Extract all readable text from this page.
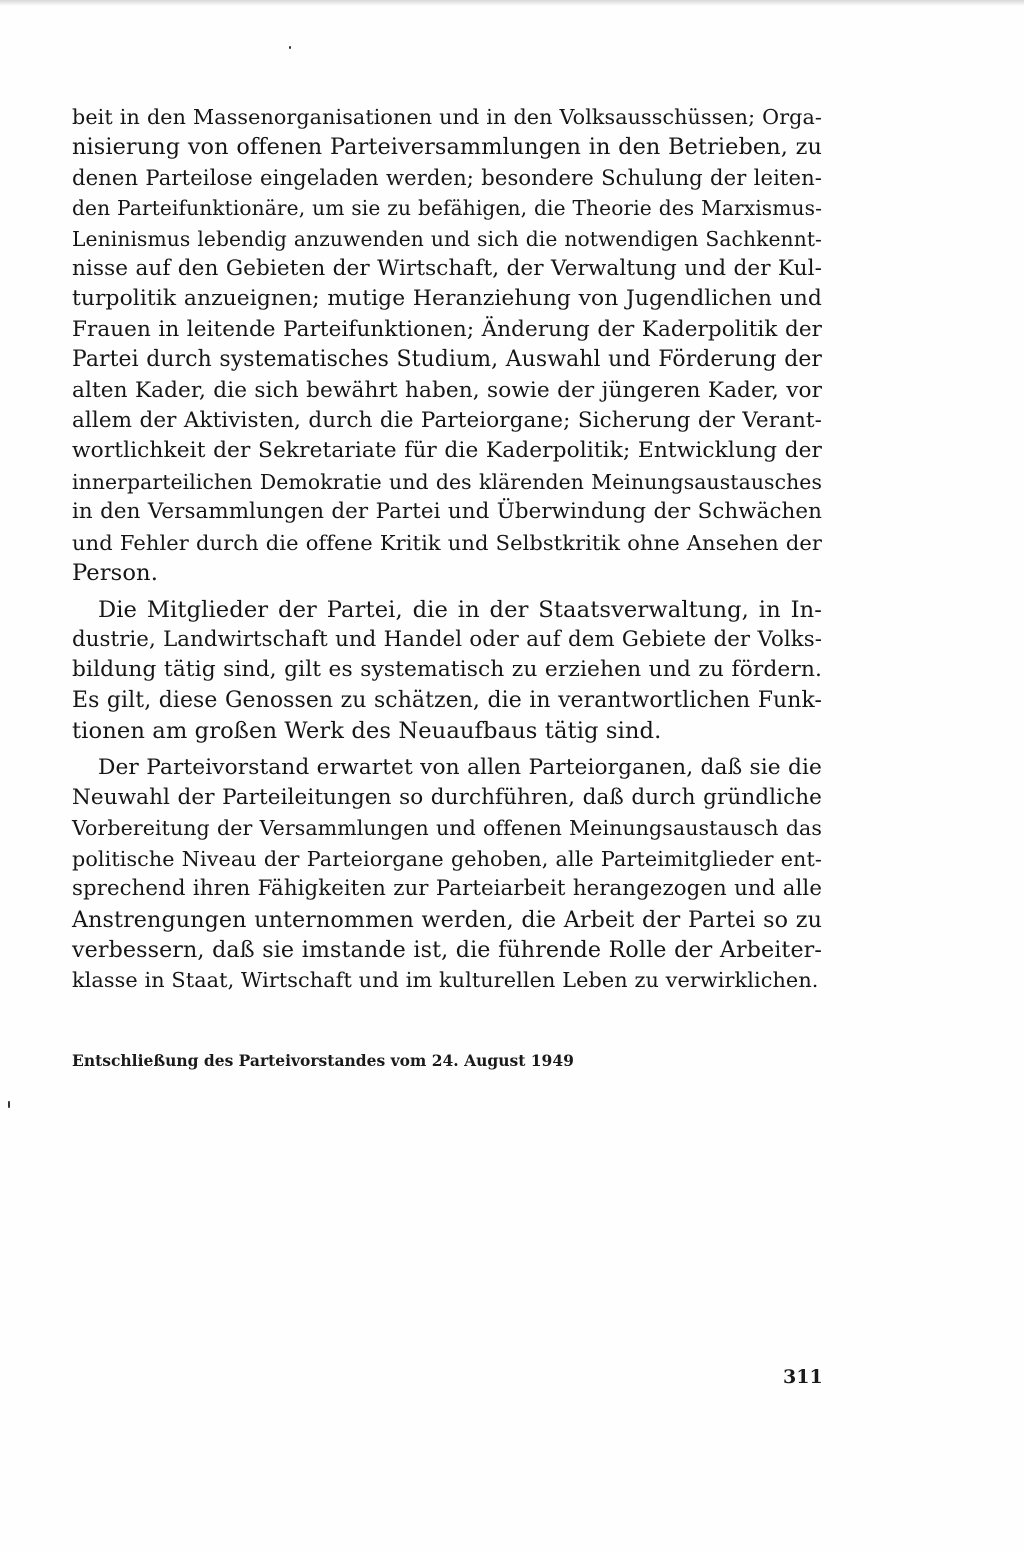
beit in den Massenorganisationen und in den Volksausschüssen; Orga-
nisierung von offenen Parteiversammlungen in den Betrieben, zu
denen Parteilose eingeladen werden; besondere Schulung der leiten-
den Parteifunktionäre, um sie zu befähigen, die Theorie des Marxismus-
Leninismus lebendig anzuwenden und sich die notwendigen Sachkennt-
nisse auf den Gebieten der Wirtschaft, der Verwaltung und der Kul-
turpolitik anzueignen; mutige Heranziehung von Jugendlichen und
Frauen in leitende Parteifunktionen; Änderung der Kaderpolitik der
Partei durch systematisches Studium, Auswahl und Förderung der
alten Kader, die sich bewährt haben, sowie der jüngeren Kader, vor
allem der Aktivisten, durch die Parteiorgane; Sicherung der Verant-
wortlichkeit der Sekretariate für die Kaderpolitik; Entwicklung der
innerparteilichen Demokratie und des klärenden Meinungsaustausches
in den Versammlungen der Partei und Überwindung der Schwächen
und Fehler durch die offene Kritik und Selbstkritik ohne Ansehen der
Person.
Die Mitglieder der Partei, die in der Staatsverwaltung, in In-
dustrie, Landwirtschaft und Handel oder auf dem Gebiete der Volks-
bildung tätig sind, gilt es systematisch zu erziehen und zu fördern.
Es gilt, diese Genossen zu schätzen, die in verantwortlichen Funk-
tionen am großen Werk des Neuaufbaus tätig sind.
Der Parteivorstand erwartet von allen Parteiorganen, daß sie die
Neuwahl der Parteileitungen so durchführen, daß durch gründliche
Vorbereitung der Versammlungen und offenen Meinungsaustausch das
politische Niveau der Parteiorgane gehoben, alle Parteimitglieder ent-
sprechend ihren Fähigkeiten zur Parteiarbeit herangezogen und alle
Anstrengungen unternommen werden, die Arbeit der Partei so zu
verbessern, daß sie imstande ist, die führende Rolle der Arbeiter-
klasse in Staat, Wirtschaft und im kulturellen Leben zu verwirklichen.
Entschließung des Parteivorstandes vom 24. August 1949
311
